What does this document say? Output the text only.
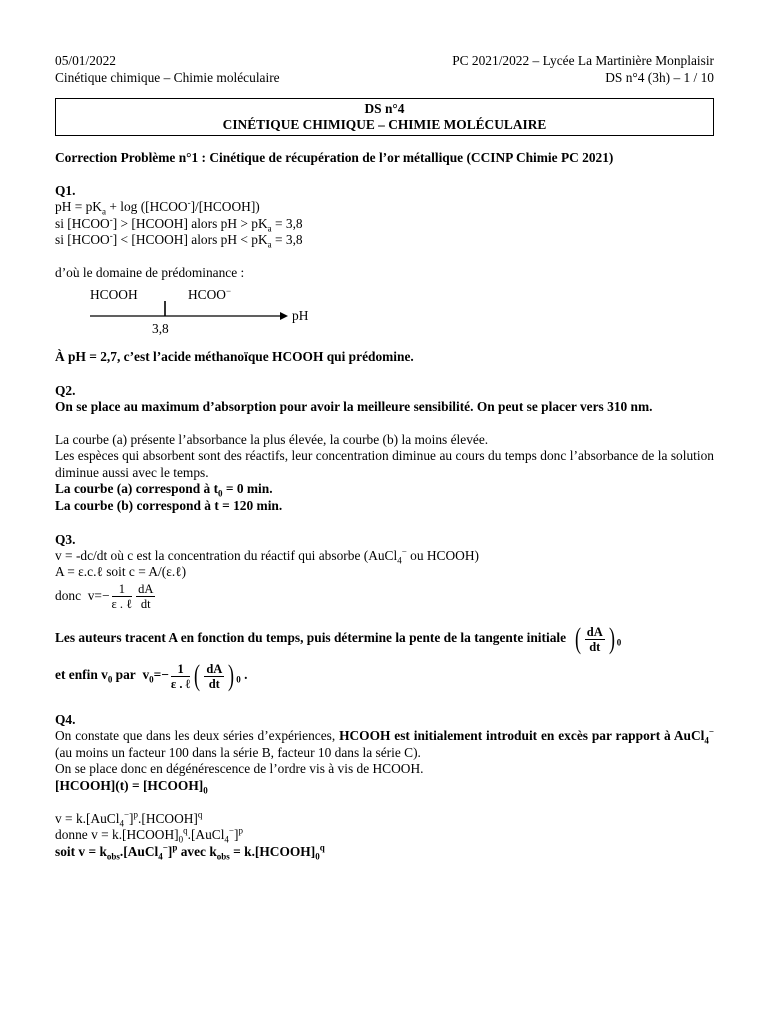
05/01/2022	PC 2021/2022 – Lycée La Martinière Monplaisir
Cinétique chimique – Chimie moléculaire	DS n°4 (3h) – 1 / 10
DS n°4
CINÉTIQUE CHIMIQUE – CHIMIE MOLÉCULAIRE
Correction Problème n°1 : Cinétique de récupération de l’or métallique (CCINP Chimie PC 2021)
Q1.

pH = $pK_a + \log$ ([HCOO-]/[HCOOH])

si [HCOO-] > [HCOOH] alors pH > $pK_a = 3,8$

si [HCOO-] < [HCOOH] alors pH < $pK_a = 3,8$

d’où le domaine de prédominance :

HCOOH	HCOO−
3,8
pH

À pH = 2,7, c’est l’acide méthanoïque HCOOH qui prédomine.

Q2.

On se place au maximum d’absorption pour avoir la meilleure sensibilité. On peut se placer vers 310 nm.

La courbe (a) présente l’absorbance la plus élevée, la courbe (b) la moins élevée.

Les espèces qui absorbent sont des réactifs, leur concentration diminue au cours du temps donc l’absorbance de la solution diminue aussi avec le temps.

La courbe (a) correspond à $t_0 = 0$ min.

La courbe (b) correspond à t = 120 min.

Q3.

v = -dc/dt où c est la concentration du réactif qui absorbe (AuCl$_4$− ou HCOOH)

A = ε.c.ℓ soit c = A/(ε.ℓ)

donc  $v=- \frac{1}{\text{ε . ℓ}} \frac{dA}{dt}$

Les auteurs tracent A en fonction du temps, puis détermine la pente de la tangente initiale ( $\frac{dA}{dt}$ ) $_0$

et enfin $v_0$ par  $v_0=- \frac{1}{\text{ε . ℓ}}$ ( $\frac{dA}{dt}$ ) $_0$ .

Q4.

On constate que dans les deux séries d’expériences, HCOOH est initialement introduit en excès par rapport à AuCl$_4$− (au moins un facteur 100 dans la série B, facteur 10 dans la série C).

On se place donc en dégénérescence de l’ordre vis à vis de HCOOH.

[HCOOH](t) = $[HCOOH]_0$

v = k.[AuCl$_4$−]$^p$.[HCOOH]$^q$

donne $v = k.[HCOOH]_0^q.[AuCl_4^-]^p$

soit $v = k_{obs}.[AuCl_4^-]^p$ avec $k_{obs}$ = $k.[HCOOH]_0^q$
